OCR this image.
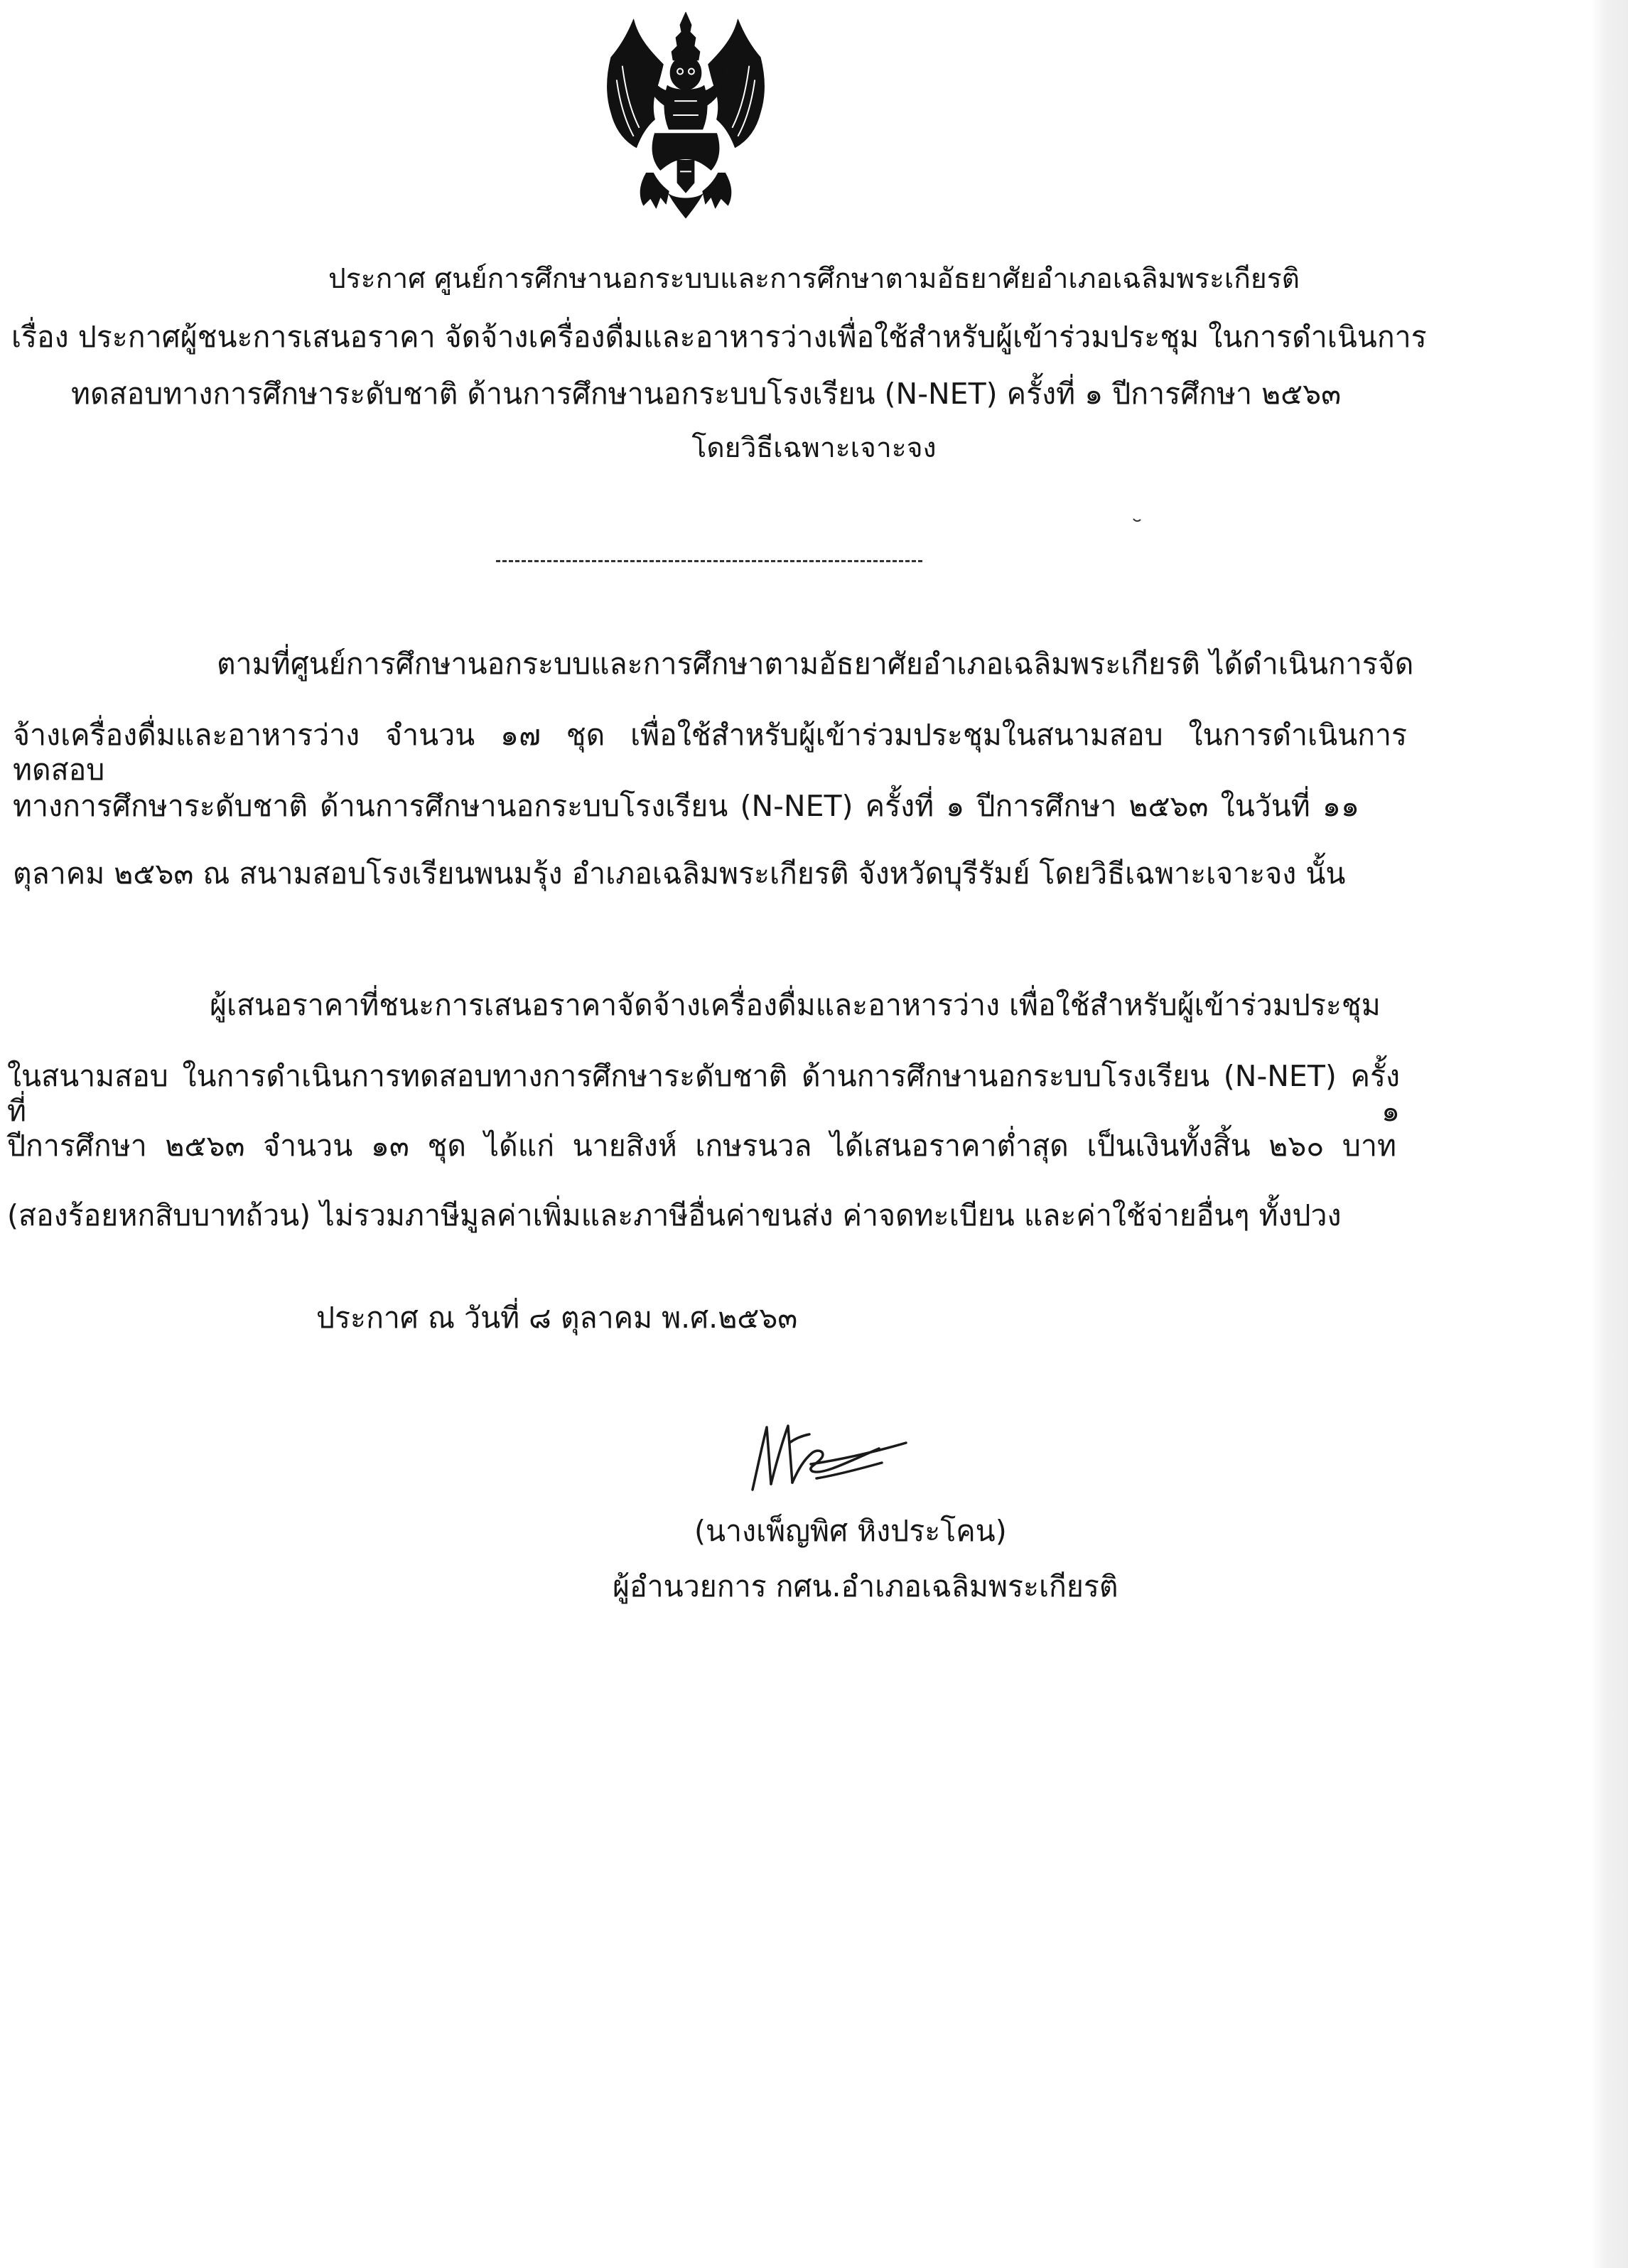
ประกาศ ศูนย์การศึกษานอกระบบและการศึกษาตามอัธยาศัยอำเภอเฉลิมพระเกียรติ
เรื่อง ประกาศผู้ชนะการเสนอราคา จัดจ้างเครื่องดื่มและอาหารว่างเพื่อใช้สำหรับผู้เข้าร่วมประชุม ในการดำเนินการ
ทดสอบทางการศึกษาระดับชาติ ด้านการศึกษานอกระบบโรงเรียน (N-NET) ครั้งที่ ๑ ปีการศึกษา ๒๕๖๓
โดยวิธีเฉพาะเจาะจง
ตามที่ศูนย์การศึกษานอกระบบและการศึกษาตามอัธยาศัยอำเภอเฉลิมพระเกียรติ ได้ดำเนินการจัด
จ้างเครื่องดื่มและอาหารว่าง จำนวน ๑๗ ชุด เพื่อใช้สำหรับผู้เข้าร่วมประชุมในสนามสอบ ในการดำเนินการทดสอบ
ทางการศึกษาระดับชาติ ด้านการศึกษานอกระบบโรงเรียน (N-NET) ครั้งที่ ๑ ปีการศึกษา ๒๕๖๓ ในวันที่ ๑๑
ตุลาคม ๒๕๖๓ ณ สนามสอบโรงเรียนพนมรุ้ง อำเภอเฉลิมพระเกียรติ จังหวัดบุรีรัมย์ โดยวิธีเฉพาะเจาะจง นั้น
ผู้เสนอราคาที่ชนะการเสนอราคาจัดจ้างเครื่องดื่มและอาหารว่าง เพื่อใช้สำหรับผู้เข้าร่วมประชุม
ในสนามสอบ ในการดำเนินการทดสอบทางการศึกษาระดับชาติ ด้านการศึกษานอกระบบโรงเรียน (N-NET) ครั้งที่ ๑
ปีการศึกษา ๒๕๖๓ จำนวน ๑๓ ชุด ได้แก่ นายสิงห์ เกษรนวล ได้เสนอราคาต่ำสุด เป็นเงินทั้งสิ้น ๒๖๐ บาท
(สองร้อยหกสิบบาทถ้วน) ไม่รวมภาษีมูลค่าเพิ่มและภาษีอื่นค่าขนส่ง ค่าจดทะเบียน และค่าใช้จ่ายอื่นๆ ทั้งปวง
ประกาศ ณ วันที่ ๘ ตุลาคม พ.ศ.๒๕๖๓
(นางเพ็ญพิศ หิงประโคน)
ผู้อำนวยการ กศน.อำเภอเฉลิมพระเกียรติ
